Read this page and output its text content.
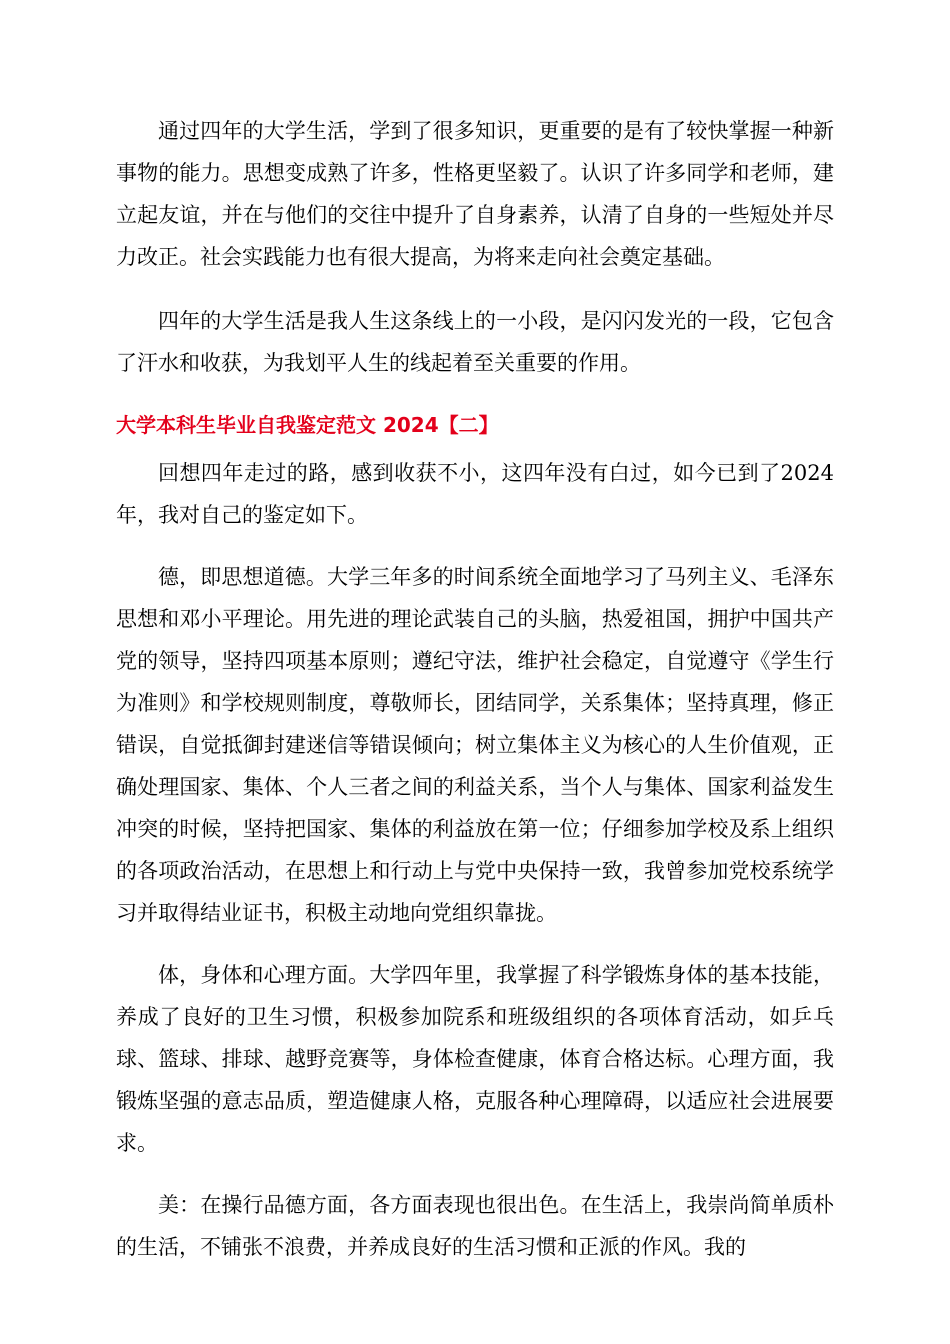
通过四年的大学生活，学到了很多知识，更重要的是有了较快掌握一种新事物的能力。思想变成熟了许多，性格更坚毅了。认识了许多同学和老师，建立起友谊，并在与他们的交往中提升了自身素养，认清了自身的一些短处并尽力改正。社会实践能力也有很大提高，为将来走向社会奠定基础。

四年的大学生活是我人生这条线上的一小段，是闪闪发光的一段，它包含了汗水和收获，为我划平人生的线起着至关重要的作用。

大学本科生毕业自我鉴定范文 2024【二】

回想四年走过的路，感到收获不小，这四年没有白过，如今已到了2024年，我对自己的鉴定如下。

德，即思想道德。大学三年多的时间系统全面地学习了马列主义、毛泽东思想和邓小平理论。用先进的理论武装自己的头脑，热爱祖国，拥护中国共产党的领导，坚持四项基本原则；遵纪守法，维护社会稳定，自觉遵守《学生行为准则》和学校规则制度，尊敬师长，团结同学，关系集体；坚持真理，修正错误，自觉抵御封建迷信等错误倾向；树立集体主义为核心的人生价值观，正确处理国家、集体、个人三者之间的利益关系，当个人与集体、国家利益发生冲突的时候，坚持把国家、集体的利益放在第一位；仔细参加学校及系上组织的各项政治活动，在思想上和行动上与党中央保持一致，我曾参加党校系统学习并取得结业证书，积极主动地向党组织靠拢。

体，身体和心理方面。大学四年里，我掌握了科学锻炼身体的基本技能，养成了良好的卫生习惯，积极参加院系和班级组织的各项体育活动，如乒乓球、篮球、排球、越野竞赛等，身体检查健康，体育合格达标。心理方面，我锻炼坚强的意志品质，塑造健康人格，克服各种心理障碍，以适应社会进展要求。

美：在操行品德方面，各方面表现也很出色。在生活上，我崇尚简单质朴的生活，不铺张不浪费，并养成良好的生活习惯和正派的作风。我的
